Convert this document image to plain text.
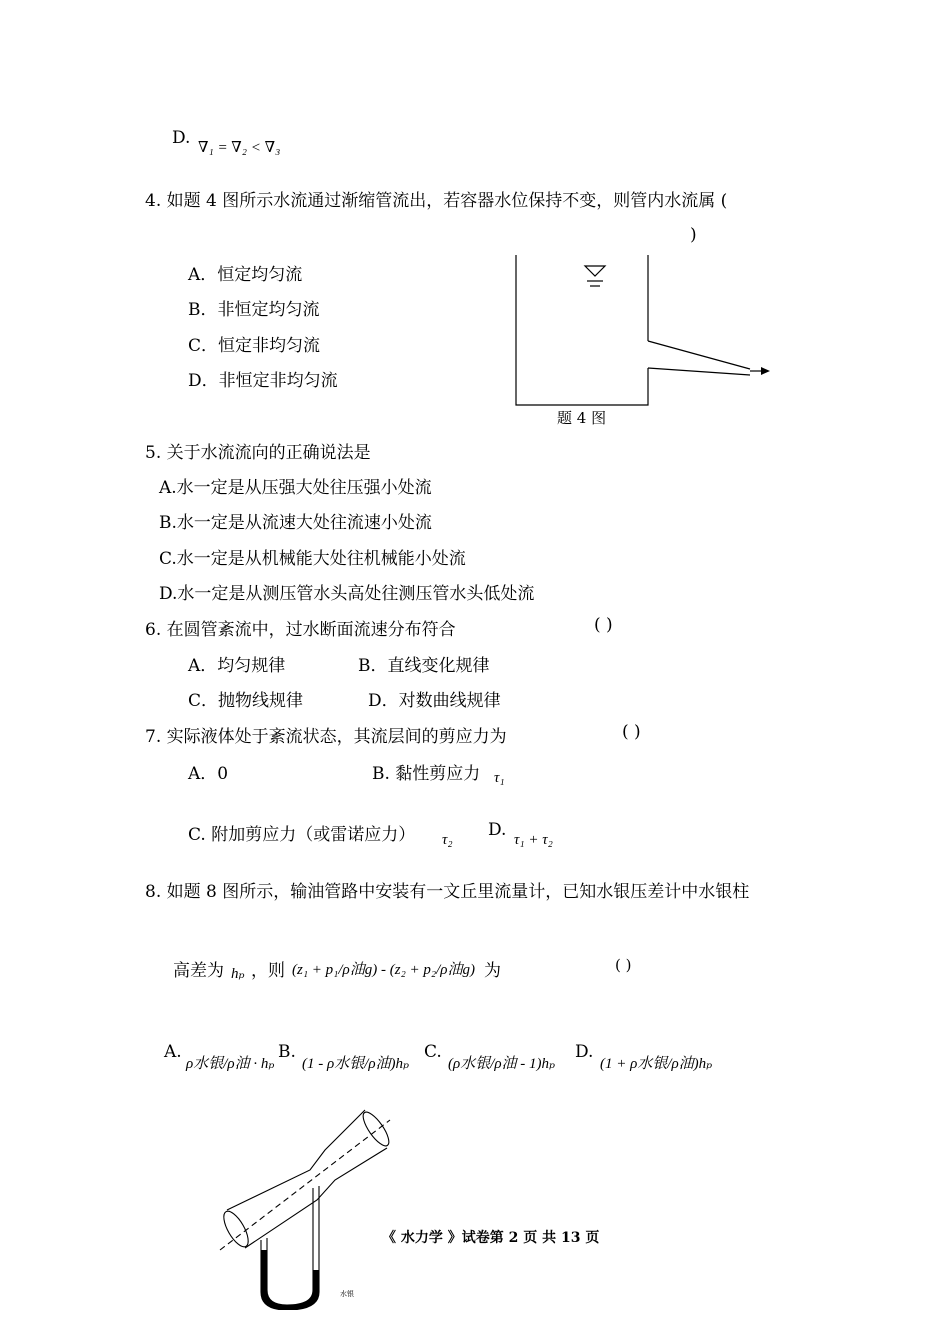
D. ∇₁ = ∇₂ < ∇₃
4. 如题 4 图所示水流通过渐缩管流出，若容器水位保持不变，则管内水流属 (
)
A．恒定均匀流
B．非恒定均匀流
C．恒定非均匀流
D．非恒定非均匀流
题 4 图
5. 关于水流流向的正确说法是
A.水一定是从压强大处往压强小处流
B.水一定是从流速大处往流速小处流
C.水一定是从机械能大处往机械能小处流
D.水一定是从测压管水头高处往测压管水头低处流
6. 在圆管紊流中，过水断面流速分布符合	( )
A．均匀规律	B．直线变化规律
C．抛物线规律	D．对数曲线规律
7. 实际液体处于紊流状态，其流层间的剪应力为	( )
A．0	B. 黏性剪应力 τ₁
C. 附加剪应力（或雷诺应力） τ₂ D. τ₁ + τ₂
8. 如题 8 图所示，输油管路中安装有一文丘里流量计，已知水银压差计中水银柱
高差为 hₚ ，则 (z₁ + p₁/ρ油g) - (z₂ + p₂/ρ油g) 为	( )
A.
ρ水银/ρ油 · hₚ
B.
(1 - ρ水银/ρ油)hₚ
C.
(ρ水银/ρ油 - 1)hₚ
D.
(1 + ρ水银/ρ油)hₚ
水银
《 水力学 》试卷第 2 页 共 13 页
